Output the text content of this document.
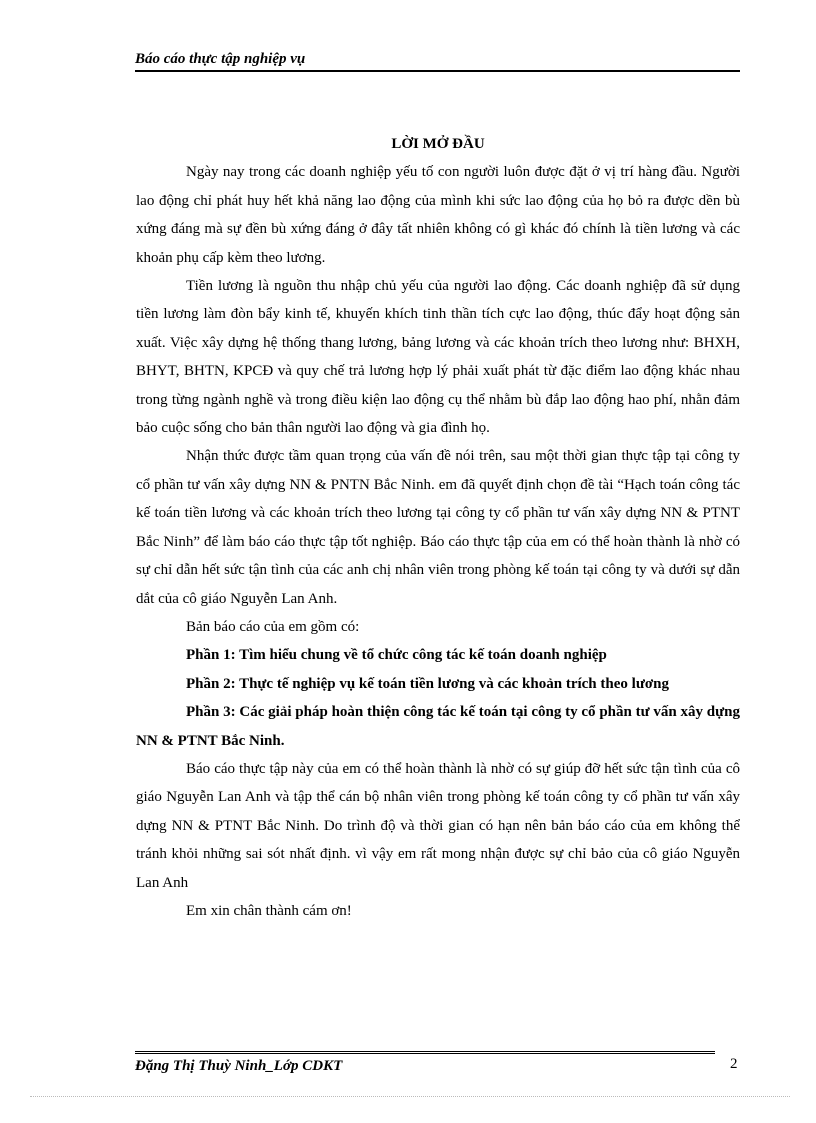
Báo cáo thực tập nghiệp vụ

LỜI MỞ ĐẦU

Ngày nay trong các doanh nghiệp yếu tố con người luôn được đặt ở vị trí hàng đầu. Người lao động chỉ phát huy hết khả năng lao động của mình khi sức lao động của họ bỏ ra được dền bù xứng đáng mà sự đền bù xứng đáng ở đây tất nhiên không có gì khác đó chính là tiền lương và các khoản phụ cấp kèm theo lương.

Tiền lương là nguồn thu nhập chủ yếu của người lao động. Các doanh nghiệp đã sử dụng tiền lương làm đòn bẩy kinh tế, khuyến khích tinh thần tích cực lao động, thúc đẩy hoạt động sản xuất. Việc xây dựng hệ thống thang lương, bảng lương và các khoản trích theo lương như: BHXH, BHYT, BHTN, KPCĐ và quy chế trả lương hợp lý phải xuất phát từ đặc điểm lao động khác nhau trong từng ngành nghề và trong điều kiện lao động cụ thể nhằm bù đắp lao động hao phí, nhằn đảm bảo cuộc sống cho bản thân người lao động và gia đình họ.

Nhận thức được tầm quan trọng của vấn đề nói trên, sau một thời gian thực tập tại công ty cổ phần tư vấn xây dựng NN & PNTN Bắc Ninh. em đã quyết định chọn đề tài “Hạch toán công tác kế toán tiền lương và các khoản trích theo lương tại công ty cổ phần tư vấn xây dựng NN & PTNT Bắc Ninh” để làm báo cáo thực tập tốt nghiệp. Báo cáo thực tập của em có thể hoàn thành là nhờ có sự chỉ dẫn hết sức tận tình của các anh chị nhân viên trong phòng kế toán tại công ty và dưới sự dẫn dắt của cô giáo Nguyễn Lan Anh.

Bản báo cáo của em gồm có:

Phần 1: Tìm hiểu chung về tổ chức công tác kế toán doanh nghiệp

Phần 2: Thực tế nghiệp vụ kế toán tiền lương và các khoản trích theo lương

Phần 3: Các giải pháp hoàn thiện công tác kế toán tại công ty cổ phần tư vấn xây dựng NN & PTNT Bắc Ninh.

Báo cáo thực tập này của em có thể hoàn thành là nhờ có sự giúp đỡ hết sức tận tình của cô giáo Nguyễn Lan Anh và tập thể cán bộ nhân viên trong phòng kế toán công ty cổ phần tư vấn xây dựng NN & PTNT Bắc Ninh. Do trình độ và thời gian có hạn nên bản báo cáo của em không thể tránh khỏi những sai sót nhất định. vì vậy em rất mong nhận được sự chỉ bảo của cô giáo Nguyễn Lan Anh

Em xin chân thành cám ơn!

Đặng Thị Thuỳ Ninh_Lớp CDKT	2
